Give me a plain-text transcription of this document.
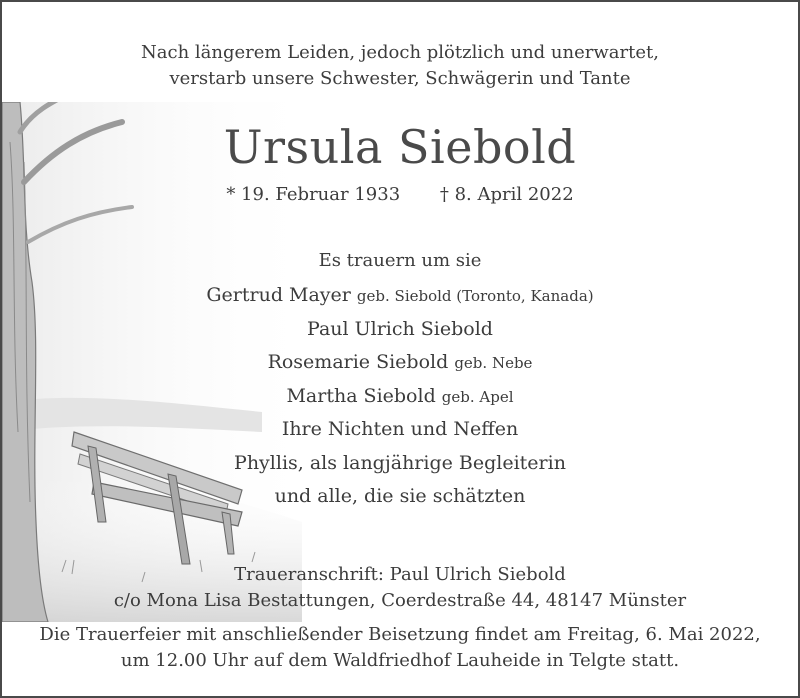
Nach längerem Leiden, jedoch plötzlich und unerwartet,
verstarb unsere Schwester, Schwägerin und Tante
Ursula Siebold
* 19. Februar 1933 † 8. April 2022
Es trauern um sie
Gertrud Mayer geb. Siebold (Toronto, Kanada)
Paul Ulrich Siebold
Rosemarie Siebold geb. Nebe
Martha Siebold geb. Apel
Ihre Nichten und Neffen
Phyllis, als langjährige Begleiterin
und alle, die sie schätzten
Traueranschrift: Paul Ulrich Siebold
c/o Mona Lisa Bestattungen, Coerdestraße 44, 48147 Münster
Die Trauerfeier mit anschließender Beisetzung findet am Freitag, 6. Mai 2022,
um 12.00 Uhr auf dem Waldfriedhof Lauheide in Telgte statt.
